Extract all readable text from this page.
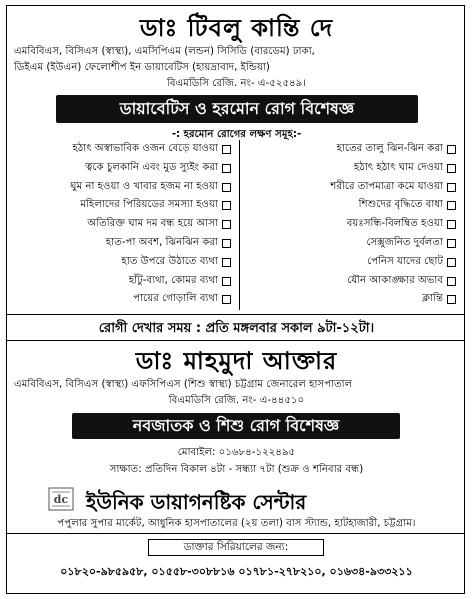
ডাঃ টিবলু কান্তি দে
এমবিবিএস, বিসিএস (স্বাস্থ্য), এমসিপিএম (লন্ডন) সিসিডি (বারডেম) ঢাকা,
ডিইএম (ইউএন) ফেলোশীপ ইন ডায়াবেটিস (হায়দ্রাবাদ, ইন্ডিয়া)
বিএমডিসি রেজি. নং- এ-৫২৫৪৯।
ডায়াবেটিস ও হরমোন রোগ বিশেষজ্ঞ
-: হরমোন রোগের লক্ষণ সমূহ:-
হঠাৎ অস্বাভাবিক ওজন বেড়ে যাওয়া
ত্বকে চুলকানি এবং মুড স্যুইং করা
ঘুম না হওয়া ও খাবার হজম না হওয়া
মহিলাদের পিরিয়ডের সমস্যা হওয়া
অতিরিক্ত ঘাম দম বন্ধ হয়ে আসা
হাত-পা অবশ, ঝিনঝিন করা
হাত উপরে উঠাতে ব্যথা
হাঁটু-ব্যথা, কোমর ব্যথা
পায়ের গোড়ালি ব্যথা
হাতের তালু ঝিন-ঝিন করা
হঠাৎ হঠাৎ ঘাম দেওয়া
শরীরে তাপমাত্রা কমে যাওয়া
শিশুদের বৃদ্ধিতে বাধা
বয়ঃসন্ধি-বিলম্বিত হওয়া
সেক্সুজনিত দুর্বলতা
পেনিস যাদের ছোট
যৌন আকাঙ্ক্ষার অভাব
ক্লান্তি
রোগী দেখার সময় : প্রতি মঙ্গলবার সকাল ৯টা-১২টা।
ডাঃ মাহমুদা আক্তার
এমবিবিএস, বিসিএস (স্বাস্থ্য) এফসিপিএস (শিশু স্বাস্থ্য) চট্টগ্রাম জেনারেল হাসপাতাল
বিএমডিসি রেজি. নং- এ-৪৪৫১০
নবজাতক ও শিশু রোগ বিশেষজ্ঞ
মোবাইল: ০১৬৮৪-১২২৪৯৫
সাক্ষাত: প্রতিদিন বিকাল ৪টা - সন্ধ্যা ৭টা (শুক্র ও শনিবার বন্ধ)
dc ইউনিক ডায়াগনষ্টিক সেন্টার
পপুলার সুপার মার্কেট, আধুনিক হাসপাতালের (২য় তলা) বাস স্ট্যান্ড, হাটহাজারী, চট্টগ্রাম।
ডাক্তার সিরিয়ালের জন্য:
০১৮২০-৯৮৫৯৫৮, ০১৫৫৮-৩০৮৮১৬ ০১৭৮১-২৭৮২১০, ০১৬৩৪-৯৩৩২১১
